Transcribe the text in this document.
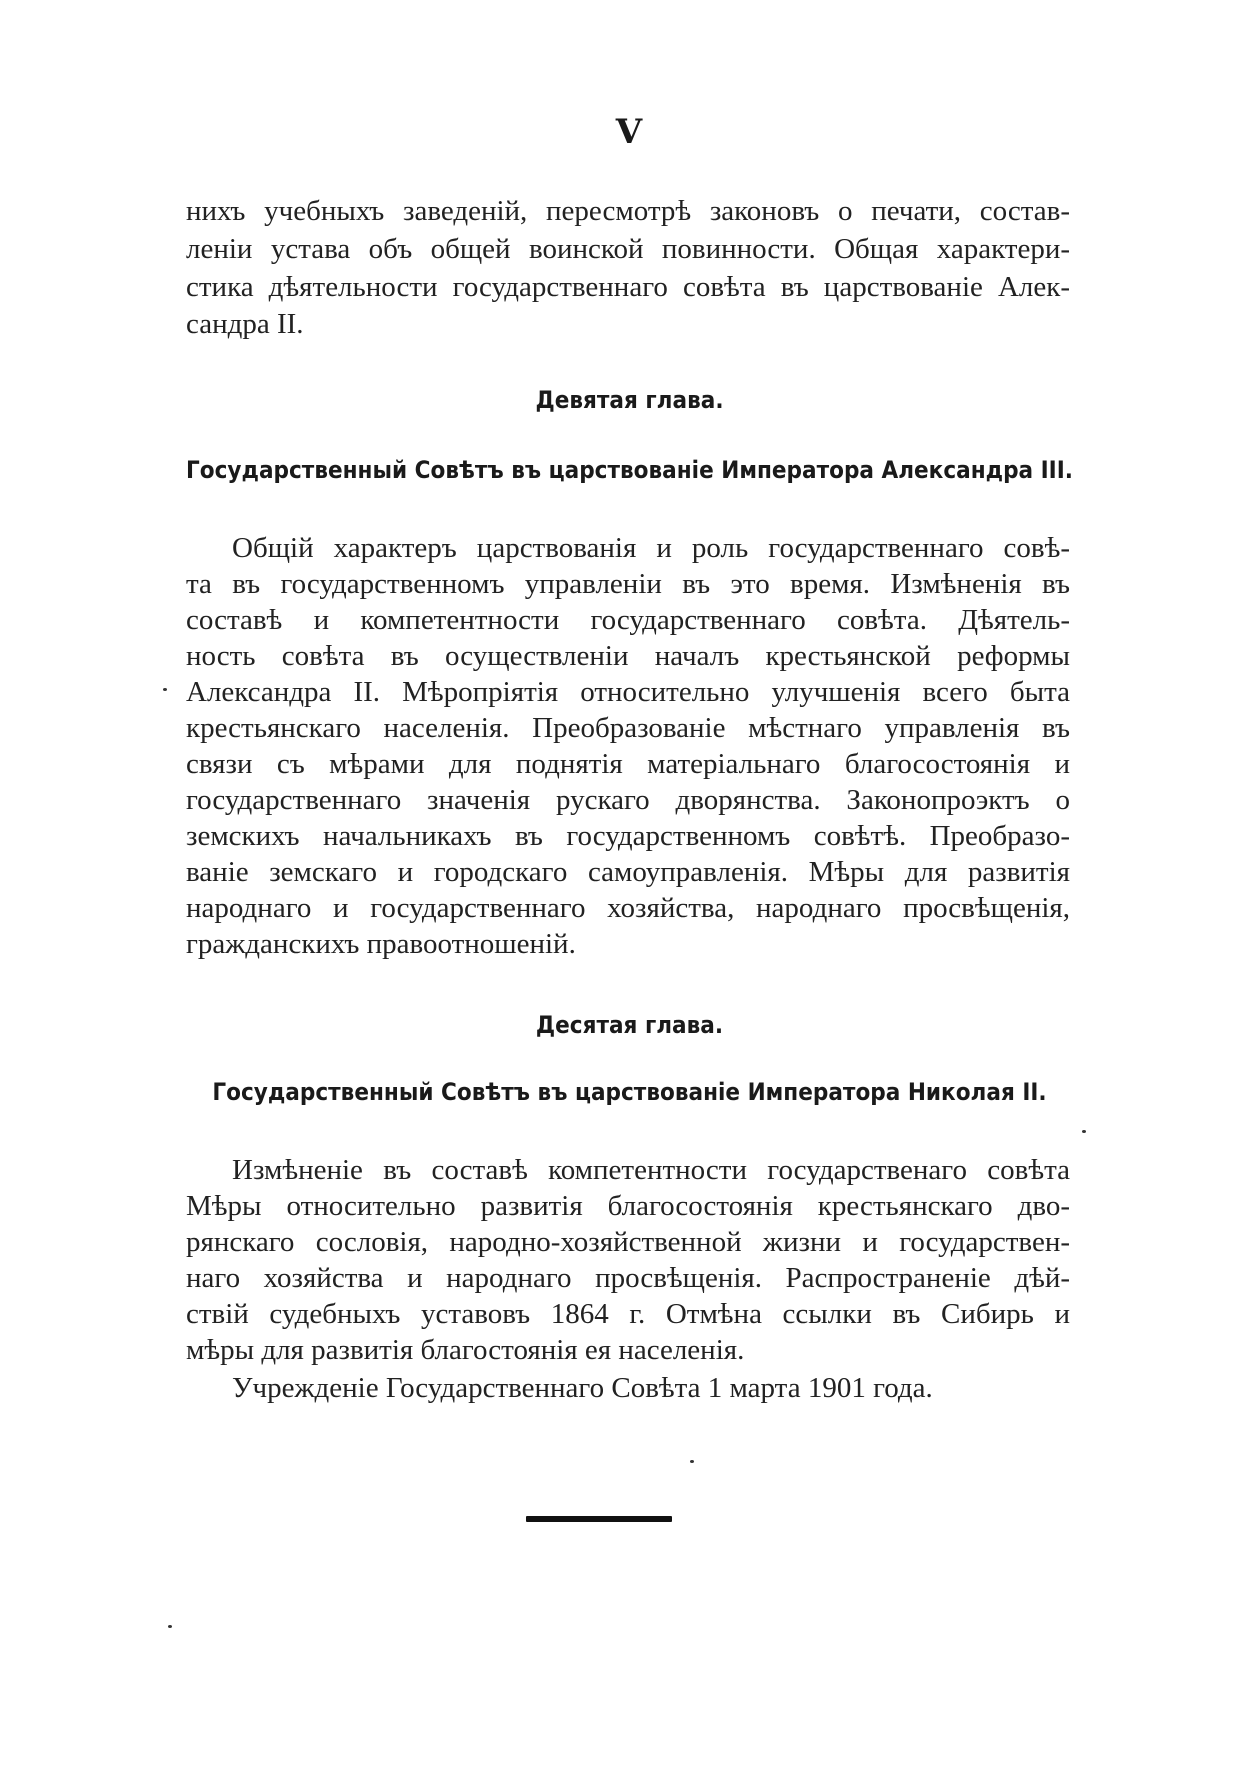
V
нихъ учебныхъ заведеній, пересмотрѣ законовъ о печати, состав-
леніи устава объ общей воинской повинности. Общая характери-
стика дѣятельности государственнаго совѣта въ царствованіе Алек-
сандра II.
Девятая глава.
Государственный Совѣтъ въ царствованіе Императора Александра III.
Общій характеръ царствованія и роль государственнаго совѣ-
та въ государственномъ управленіи въ это время. Измѣненія въ
составѣ и компетентности государственнаго совѣта. Дѣятель-
ность совѣта въ осуществленіи началъ крестьянской реформы
Александра II. Мѣропріятія относительно улучшенія всего быта
крестьянскаго населенія. Преобразованіе мѣстнаго управленія въ
связи съ мѣрами для поднятія матеріальнаго благосостоянія и
государственнаго значенія рускаго дворянства. Законопроэктъ о
земскихъ начальникахъ въ государственномъ совѣтѣ. Преобразо-
ваніе земскаго и городскаго самоуправленія. Мѣры для развитія
народнаго и государственнаго хозяйства, народнаго просвѣщенія,
гражданскихъ правоотношеній.
Десятая глава.
Государственный Совѣтъ въ царствованіе Императора Николая II.
Измѣненіе въ составѣ компетентности государственаго совѣта
Мѣры относительно развитія благосостоянія крестьянскаго дво-
рянскаго сословія, народно-хозяйственной жизни и государствен-
наго хозяйства и народнаго просвѣщенія. Распространеніе дѣй-
ствій судебныхъ уставовъ 1864 г. Отмѣна ссылки въ Сибирь и
мѣры для развитія благостоянія ея населенія.
Учрежденіе Государственнаго Совѣта 1 марта 1901 года.
